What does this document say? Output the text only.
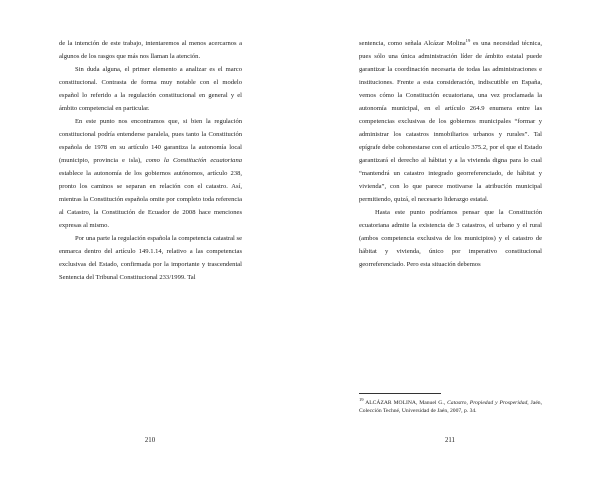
de la intención de este trabajo, intentaremos al menos acercarnos a algunos de los rasgos que más nos llaman la atención.

Sin duda alguna, el primer elemento a analizar es el marco constitucional. Contrasta de forma muy notable con el modelo español lo referido a la regulación constitucional en general y el ámbito competencial en particular.

En este punto nos encontramos que, si bien la regulación constitucional podría entenderse paralela, pues tanto la Constitución española de 1978 en su artículo 140 garantiza la autonomía local (municipio, provincia e isla), como la Constitución ecuatoriana establece la autonomía de los gobiernos autónomos, artículo 238, pronto los caminos se separan en relación con el catastro. Así, mientras la Constitución española omite por completo toda referencia al Catastro, la Constitución de Ecuador de 2008 hace menciones expresas al mismo.

Por una parte la regulación española la competencia catastral se enmarca dentro del artículo 149.1.14, relativo a las competencias exclusivas del Estado, confirmada por la importante y trascendental Sentencia del Tribunal Constitucional 233/1999. Tal

210

sentencia, como señala Alcázar Molina$^{19}$ es una necesidad técnica, pues sólo una única administración líder de ámbito estatal puede garantizar la coordinación necesaria de todas las administraciones e instituciones. Frente a esta consideración, indiscutible en España, vemos cómo la Constitución ecuatoriana, una vez proclamada la autonomía municipal, en el artículo 264.9 enumera entre las competencias exclusivas de los gobiernos municipales “formar y administrar los catastros inmobiliarios urbanos y rurales”. Tal epígrafe debe cohonestarse con el artículo 375.2, por el que el Estado garantizará el derecho al hábitat y a la vivienda digna para lo cual “mantendrá un catastro integrado georreferenciado, de hábitat y vivienda”, con lo que parece motivarse la atribución municipal permitiendo, quizá, el necesario liderazgo estatal.

Hasta este punto podríamos pensar que la Constitución ecuatoriana admite la existencia de 3 catastros, el urbano y el rural (ambos competencia exclusiva de los municipios) y el catastro de hábitat y vivienda, único por imperativo constitucional georreferenciado. Pero esta situación debemos

$^{19}$ ALCÁZAR MOLINA, Manuel G., Catastro, Propiedad y Prosperidad, Jaén, Colección Techné, Universidad de Jaén, 2007, p. 34.
211
